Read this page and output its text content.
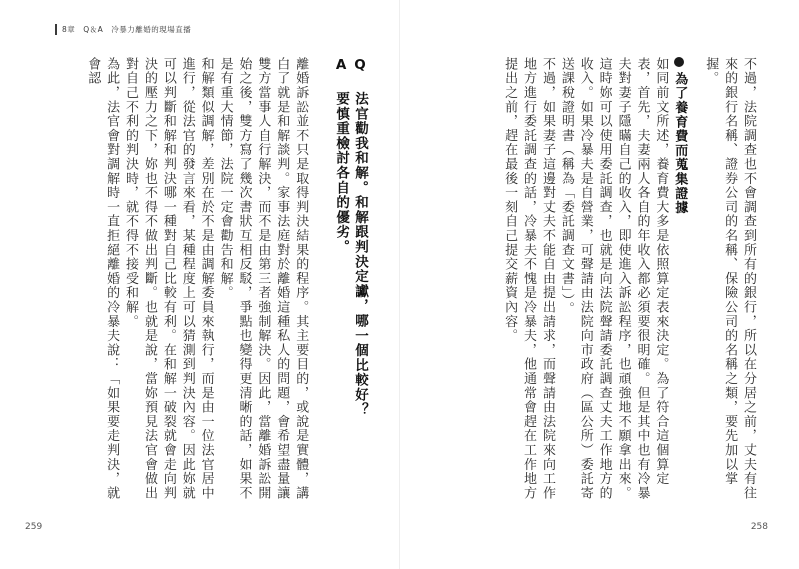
8章　Q＆A　冷暴力離婚的現場直播

Q 法官勸我和解。和解跟判決定讞，哪一個比較好？

A 要慎重檢討各自的優劣。

離婚訴訟並不只是取得判決結果的程序。其主要目的，或說是實體，講白了就是和解談判。家事法庭對於離婚這種私人的問題，會希望盡量讓雙方當事人自行解決，而不是由第三者強制解決。因此，當離婚訴訟開始之後，雙方寫了幾次書狀互相反駁，爭點也變得更清晰的話，如果不是有重大情節，法院一定會勸告和解。

和解類似調解，差別在於不是由調解委員來執行，而是由一位法官居中進行，從法官的發言來看，某種程度上可以猜測到判決內容。因此妳就可以判斷和解和判決哪一種對自己比較有利。在和解一破裂就會走向判決的壓力之下，妳也不得不做出判斷。也就是說，當妳預見法官會做出對自己不利的判決時，就不得不接受和解。

為此，法官會對調解時一直拒絕離婚的冷暴夫說：「如果要走判決，就會認

259

不過，法院調查也不會調查到所有的銀行，所以在分居之前，丈夫有往來的銀行名稱、證券公司的名稱、保險公司的名稱之類，要先加以掌握。

為了養育費而蒐集證據

如同前文所述，養育費大多是依照算定表來決定。為了符合這個算定表，首先，夫妻兩人各自的年收入都必須要很明確。但是其中也有冷暴夫對妻子隱瞞自己的收入，即使進入訴訟程序，也頑強地不願拿出來。

這時妳可以使用委託調查，也就是向法院聲請委託調查丈夫工作地方的收入。如果冷暴夫是自營業，可聲請由法院向市政府（區公所）委託寄送課稅證明書（稱為「委託調查文書」）。

不過，如果妻子這邊對丈夫不能自由提出請求，而聲請由法院來向工作地方進行委託調查的話，冷暴夫不愧是冷暴夫，他通常會趕在工作地方提出之前，趕在最後一刻自己提交薪資內容。

258
